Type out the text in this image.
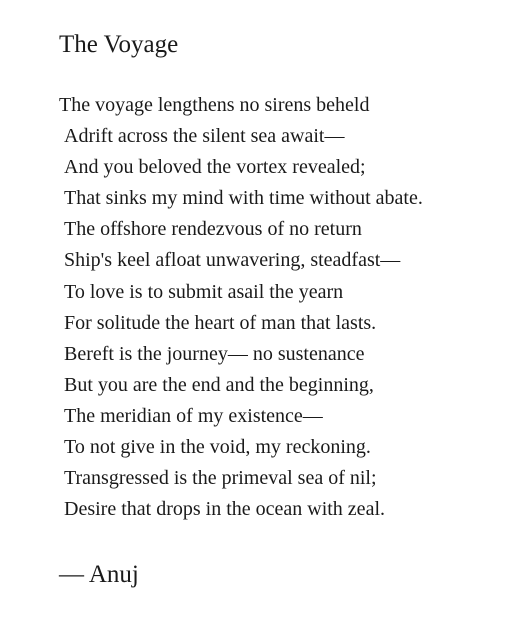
The Voyage
The voyage lengthens no sirens beheld
Adrift across the silent sea await—
And you beloved the vortex revealed;
That sinks my mind with time without abate.
The offshore rendezvous of no return
Ship's keel afloat unwavering, steadfast—
To love is to submit asail the yearn
For solitude the heart of man that lasts.
Bereft is the journey— no sustenance
But you are the end and the beginning,
The meridian of my existence—
To not give in the void, my reckoning.
Transgressed is the primeval sea of nil;
Desire that drops in the ocean with zeal.
— Anuj
